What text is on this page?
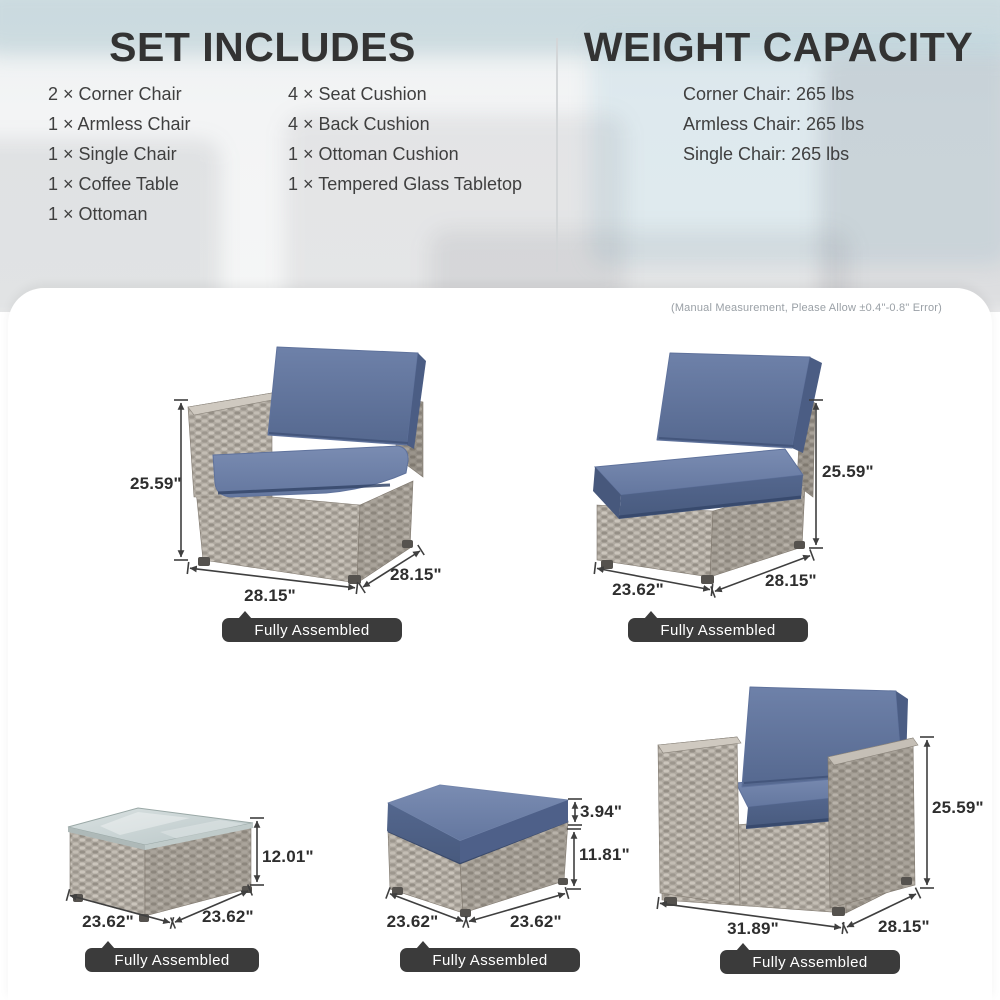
SET INCLUDES
2 × Corner Chair
1 × Armless Chair
1 × Single Chair
1 × Coffee Table
1 × Ottoman
4 × Seat Cushion
4 × Back Cushion
1 × Ottoman Cushion
1 × Tempered Glass Tabletop
WEIGHT CAPACITY
Corner Chair: 265 lbs
Armless Chair: 265 lbs
Single Chair: 265 lbs
(Manual Measurement, Please Allow ±0.4"-0.8" Error)
25.59"
28.15"
28.15"
Fully Assembled
25.59"
23.62"	28.15"
Fully Assembled
12.01"
23.62"	23.62"
Fully Assembled
3.94"
11.81"
23.62"	23.62"
Fully Assembled
25.59"
31.89"	28.15"
Fully Assembled
